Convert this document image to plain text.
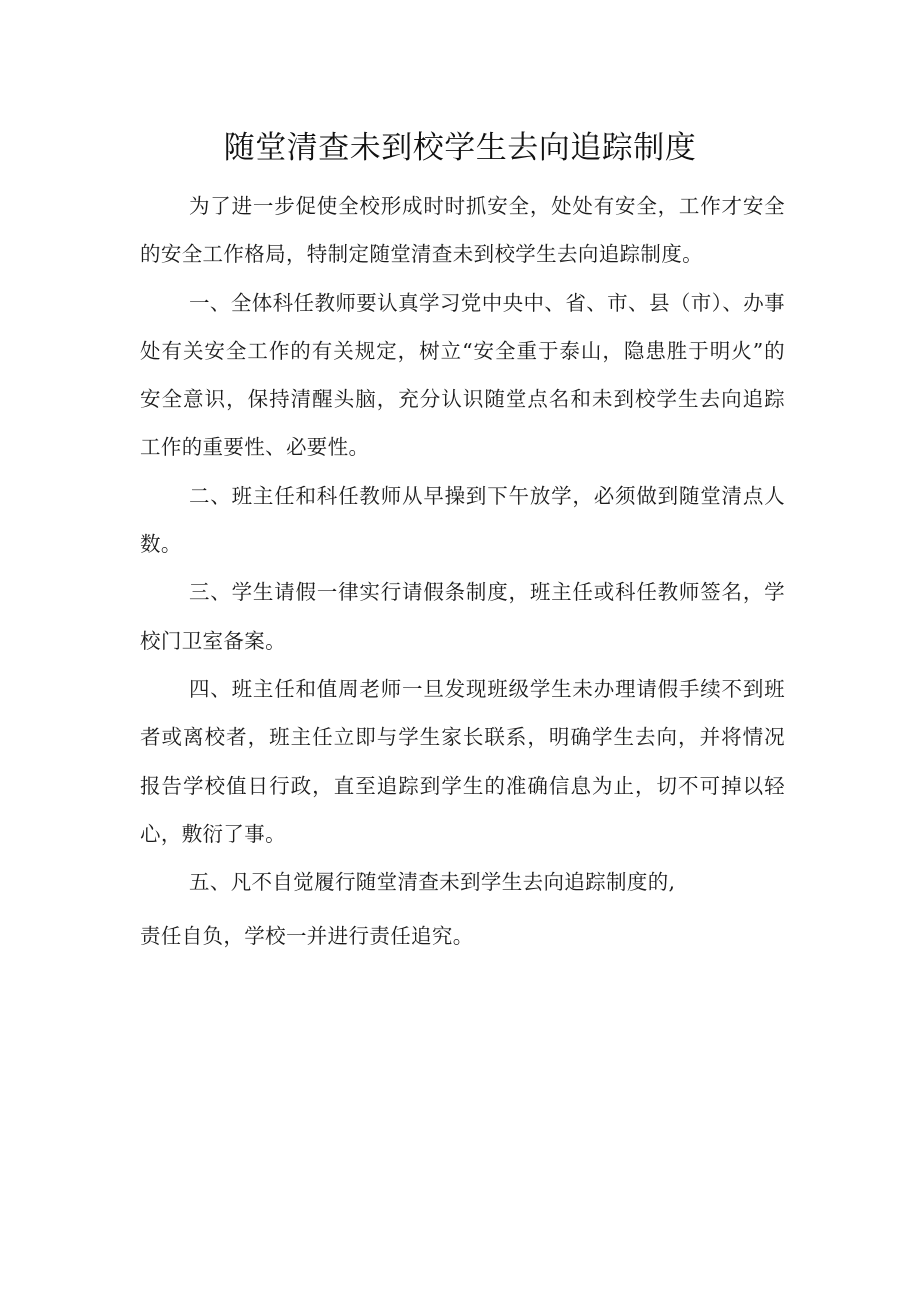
随堂清查未到校学生去向追踪制度

为了进一步促使全校形成时时抓安全，处处有安全，工作才安全的安全工作格局，特制定随堂清查未到校学生去向追踪制度。

一、全体科任教师要认真学习党中央中、省、市、县（市）、办事处有关安全工作的有关规定，树立“安全重于泰山，隐患胜于明火”的安全意识，保持清醒头脑，充分认识随堂点名和未到校学生去向追踪工作的重要性、必要性。

二、班主任和科任教师从早操到下午放学，必须做到随堂清点人数。

三、学生请假一律实行请假条制度，班主任或科任教师签名，学校门卫室备案。

四、班主任和值周老师一旦发现班级学生未办理请假手续不到班者或离校者，班主任立即与学生家长联系，明确学生去向，并将情况报告学校值日行政，直至追踪到学生的准确信息为止，切不可掉以轻心，敷衍了事。

五、凡不自觉履行随堂清查未到学生去向追踪制度的,
责任自负，学校一并进行责任追究。
